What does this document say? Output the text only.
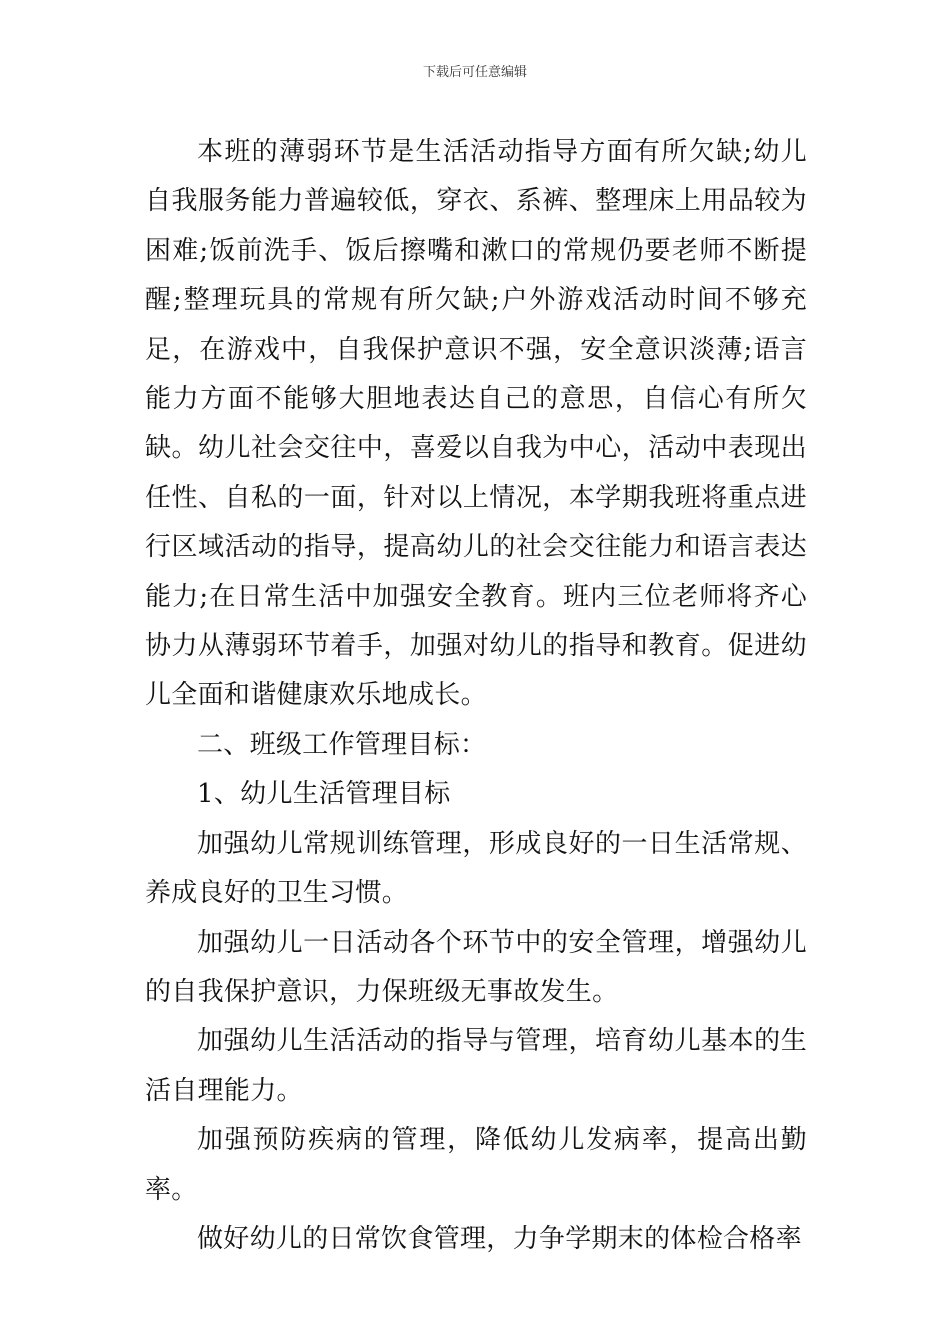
下载后可任意编辑

本班的薄弱环节是生活活动指导方面有所欠缺;幼儿自我服务能力普遍较低，穿衣、系裤、整理床上用品较为困难;饭前洗手、饭后擦嘴和漱口的常规仍要老师不断提醒;整理玩具的常规有所欠缺;户外游戏活动时间不够充足，在游戏中，自我保护意识不强，安全意识淡薄;语言能力方面不能够大胆地表达自己的意思，自信心有所欠缺。幼儿社会交往中，喜爱以自我为中心，活动中表现出任性、自私的一面，针对以上情况，本学期我班将重点进行区域活动的指导，提高幼儿的社会交往能力和语言表达能力;在日常生活中加强安全教育。班内三位老师将齐心协力从薄弱环节着手，加强对幼儿的指导和教育。促进幼儿全面和谐健康欢乐地成长。

二、班级工作管理目标：

1、幼儿生活管理目标

加强幼儿常规训练管理，形成良好的一日生活常规、养成良好的卫生习惯。

加强幼儿一日活动各个环节中的安全管理，增强幼儿的自我保护意识，力保班级无事故发生。

加强幼儿生活活动的指导与管理，培育幼儿基本的生活自理能力。

加强预防疾病的管理，降低幼儿发病率，提高出勤率。

做好幼儿的日常饮食管理，力争学期末的体检合格率
